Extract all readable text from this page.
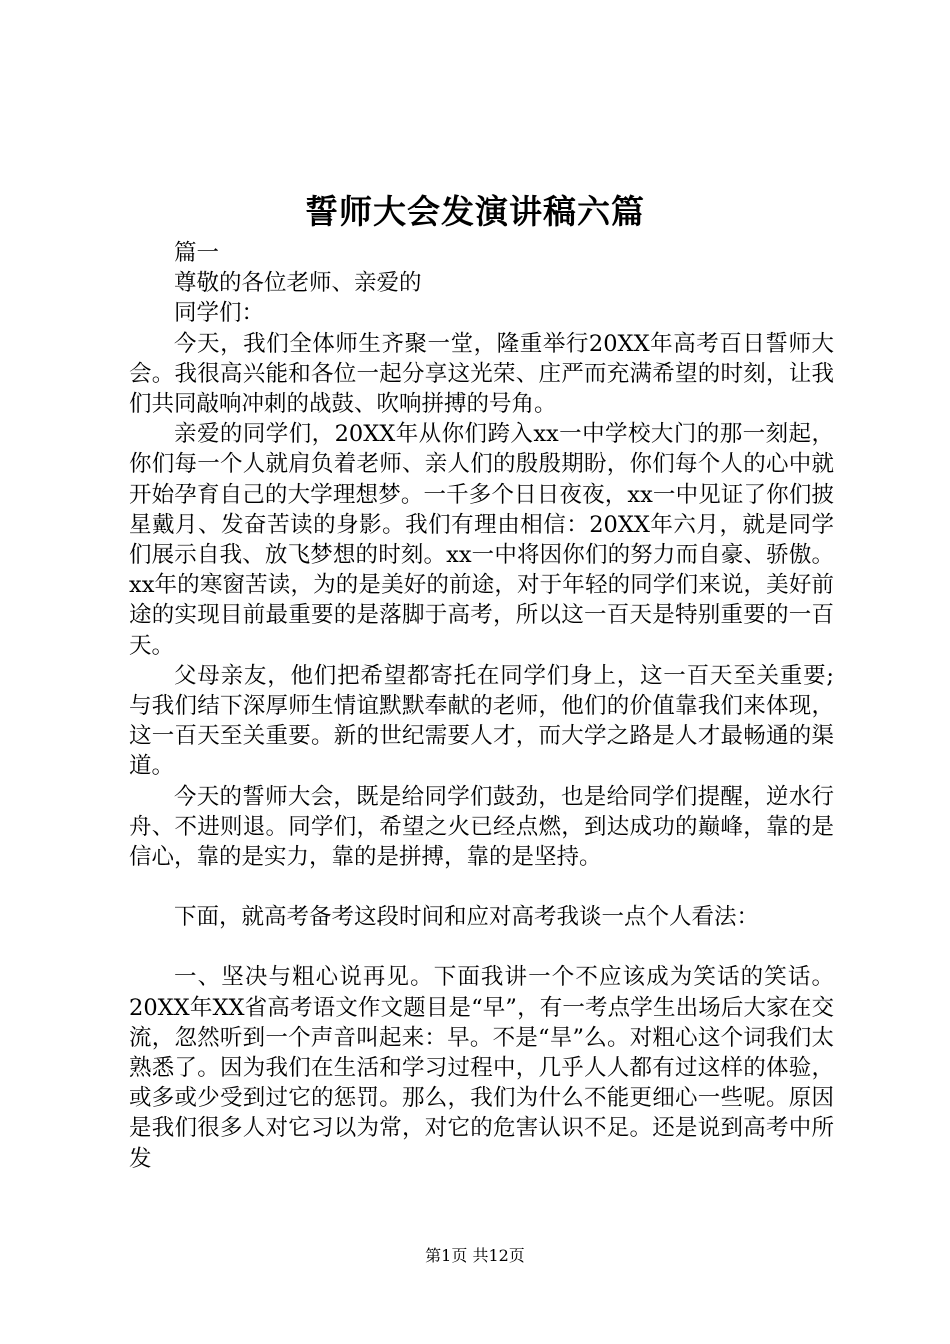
誓师大会发演讲稿六篇

篇一

尊敬的各位老师、亲爱的

同学们：

今天，我们全体师生齐聚一堂，隆重举行20XX年高考百日誓师大会。我很高兴能和各位一起分享这光荣、庄严而充满希望的时刻，让我们共同敲响冲刺的战鼓、吹响拼搏的号角。

亲爱的同学们，20XX年从你们跨入xx一中学校大门的那一刻起，你们每一个人就肩负着老师、亲人们的殷殷期盼，你们每个人的心中就开始孕育自己的大学理想梦。一千多个日日夜夜，xx一中见证了你们披星戴月、发奋苦读的身影。我们有理由相信：20XX年六月，就是同学们展示自我、放飞梦想的时刻。xx一中将因你们的努力而自豪、骄傲。xx年的寒窗苦读，为的是美好的前途，对于年轻的同学们来说，美好前途的实现目前最重要的是落脚于高考，所以这一百天是特别重要的一百天。

父母亲友，他们把希望都寄托在同学们身上，这一百天至关重要;与我们结下深厚师生情谊默默奉献的老师，他们的价值靠我们来体现，这一百天至关重要。新的世纪需要人才，而大学之路是人才最畅通的渠道。

今天的誓师大会，既是给同学们鼓劲，也是给同学们提醒，逆水行舟、不进则退。同学们，希望之火已经点燃，到达成功的巅峰，靠的是信心，靠的是实力，靠的是拼搏，靠的是坚持。

下面，就高考备考这段时间和应对高考我谈一点个人看法：

一、坚决与粗心说再见。下面我讲一个不应该成为笑话的笑话。20XX年XX省高考语文作文题目是“早”，有一考点学生出场后大家在交流，忽然听到一个声音叫起来：早。不是“旱”么。对粗心这个词我们太熟悉了。因为我们在生活和学习过程中，几乎人人都有过这样的体验，或多或少受到过它的惩罚。那么，我们为什么不能更细心一些呢。原因是我们很多人对它习以为常，对它的危害认识不足。还是说到高考中所发

第1页 共12页
